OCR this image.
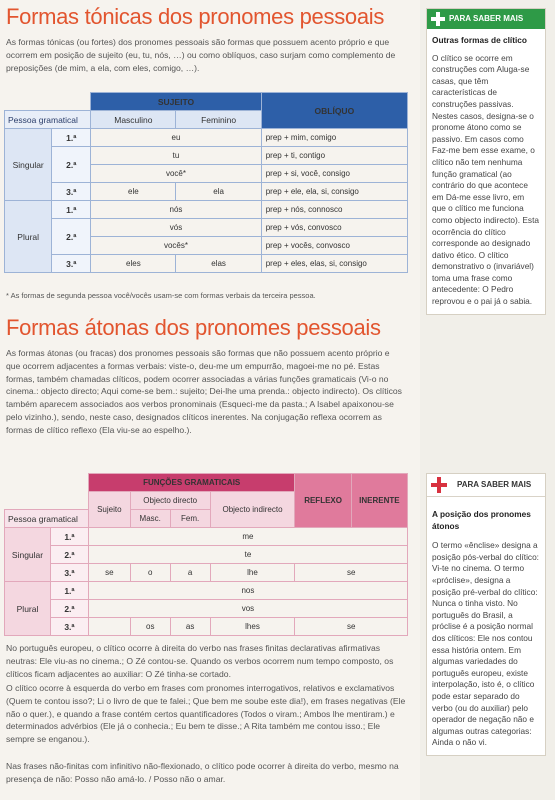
Formas tónicas dos pronomes pessoais

As formas tónicas (ou fortes) dos pronomes pessoais são formas que possuem acento próprio e que ocorrem em posição de sujeito (eu, tu, nós, …) ou como oblíquos, caso surjam como complemento de preposições (de mim, a ela, com eles, comigo, …).

		SUJEITO		OBLÍQUO
Pessoa gramatical		Masculino	Feminino	
Singular	1.ª	eu		prep + mim, comigo
	2.ª	tu		prep + ti, contigo
		você*		prep + si, você, consigo
	3.ª	ele	ela	prep + ele, ela, si, consigo
Plural	1.ª	nós		prep + nós, connosco
	2.ª	vós		prep + vós, convosco
		vocês*		prep + vocês, convosco
	3.ª	eles	elas	prep + eles, elas, si, consigo
* As formas de segunda pessoa você/vocês usam-se com formas verbais da terceira pessoa.
Formas átonas dos pronomes pessoais

As formas átonas (ou fracas) dos pronomes pessoais são formas que não possuem acento próprio e que ocorrem adjacentes a formas verbais: viste-o, deu-me um empurrão, magoei-me no pé. Estas formas, também chamadas clíticos, podem ocorrer associadas a várias funções gramaticais (Vi-o no cinema.: objecto directo; Aqui come-se bem.: sujeito; Dei-lhe uma prenda.: objecto indirecto). Os clíticos também aparecem associados aos verbos pronominais (Esqueci-me da pasta.; A Isabel apaixonou-se pelo vizinho.), sendo, neste caso, designados clíticos inerentes. Na conjugação reflexa ocorrem as formas de clítico reflexo (Ela viu-se ao espelho.).

		FUNÇÕES GRAMATICAIS				REFLEXO	INERENTE
		Sujeito	Objecto directo		Objecto indirecto		
Pessoa gramatical			Masc.	Fem.			
Singular	1.ª	me					
	2.ª	te					
	3.ª	se	o	a	lhe	se	
Plural	1.ª	nos					
	2.ª	vos					
	3.ª		os	as	lhes	se	

No português europeu, o clítico ocorre à direita do verbo nas frases finitas declarativas afirmativas neutras: Ele viu-as no cinema.; O Zé contou-se. Quando os verbos ocorrem num tempo composto, os clíticos ficam adjacentes ao auxiliar: O Zé tinha-se cortado.

O clítico ocorre à esquerda do verbo em frases com pronomes interrogativos, relativos e exclamativos (Quem te contou isso?; Li o livro de que te falei.; Que bem me soube este dia!), em frases negativas (Ele não o quer.), e quando a frase contém certos quantificadores (Todos o viram.; Ambos lhe mentiram.) e determinados advérbios (Ele já o conhecia.; Eu bem te disse.; A Rita também me contou isso.; Ele sempre se enganou.).

Nas frases não-finitas com infinitivo não-flexionado, o clítico pode ocorrer à direita do verbo, mesmo na presença de não: Posso não amá-lo. / Posso não o amar.

PARA SABER MAIS
Outras formas de clítico
O clítico se ocorre em construções com Aluga-se casas, que têm características de construções passivas. Nestes casos, designa-se o pronome átono como se passivo. Em casos como Faz-me bem esse exame, o clítico não tem nenhuma função gramatical (ao contrário do que acontece em Dá-me esse livro, em que o clítico me funciona como objecto indirecto). Esta ocorrência do clítico corresponde ao designado dativo ético. O clítico demonstrativo o (invariável) toma uma frase como antecedente: O Pedro reprovou e o pai já o sabia.
PARA SABER MAIS
A posição dos pronomes átonos
O termo «ênclise» designa a posição pós-verbal do clítico: Vi-te no cinema. O termo «próclise», designa a posição pré-verbal do clítico: Nunca o tinha visto. No português do Brasil, a próclise é a posição normal dos clíticos: Ele nos contou essa história ontem. Em algumas variedades do português europeu, existe interpolação, isto é, o clítico pode estar separado do verbo (ou do auxiliar) pelo operador de negação não e algumas outras categorias: Ainda o não vi.
